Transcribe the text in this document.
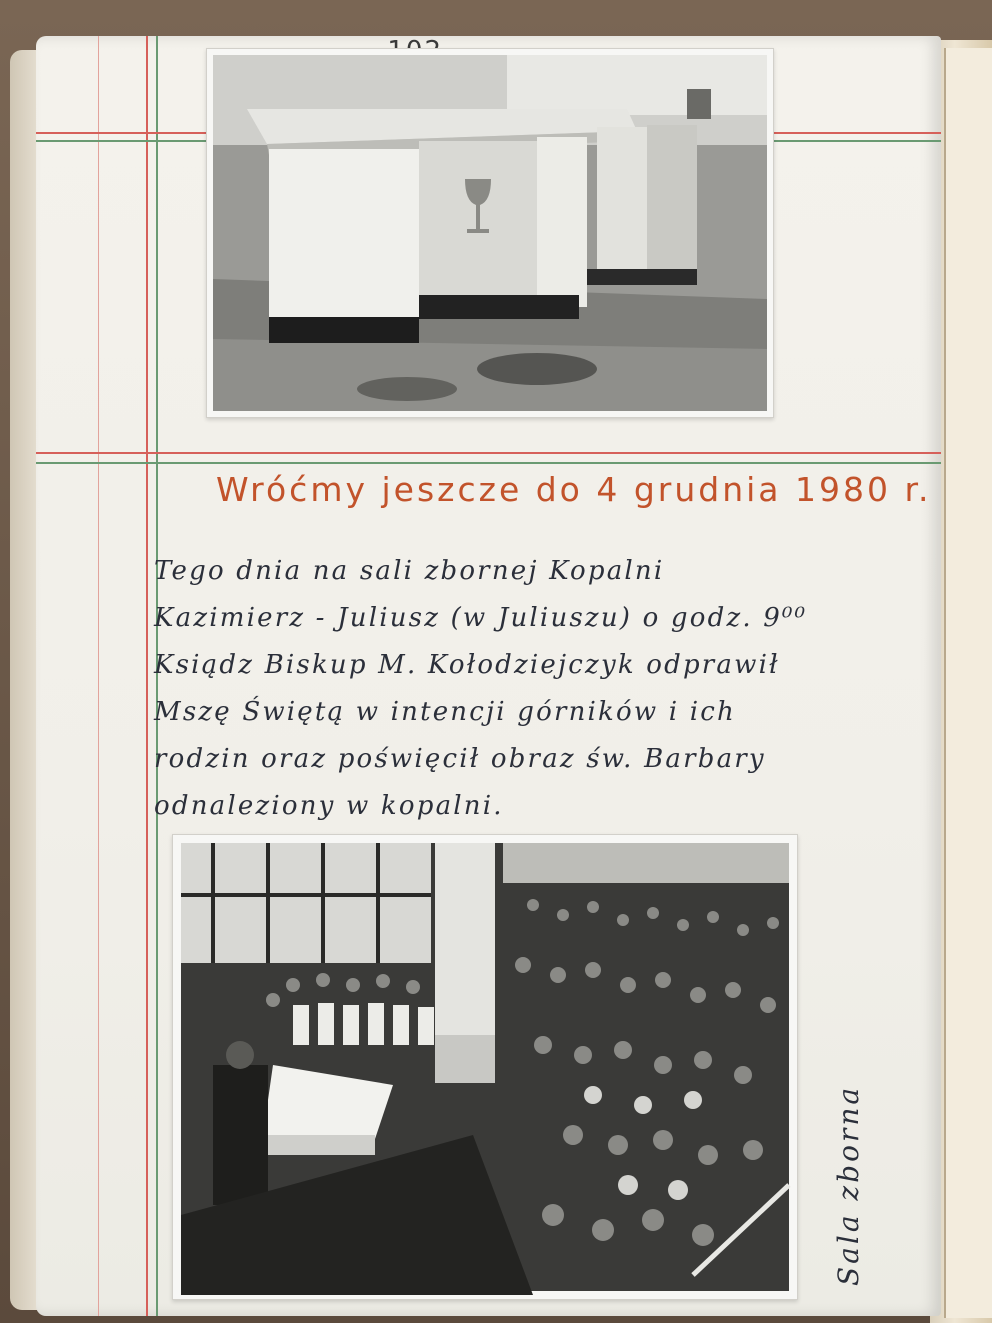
Wróćmy jeszcze do 4 grudnia 1980 r.
Tego dnia na sali zbornej Kopalni
Kazimierz - Juliusz (w Juliuszu) o godz. 9⁰⁰
Ksiądz Biskup M. Kołodziejczyk odprawił
Mszę Świętą w intencji górników i ich
rodzin oraz poświęcił obraz św. Barbary
odnaleziony w kopalni.
Sala zborna
